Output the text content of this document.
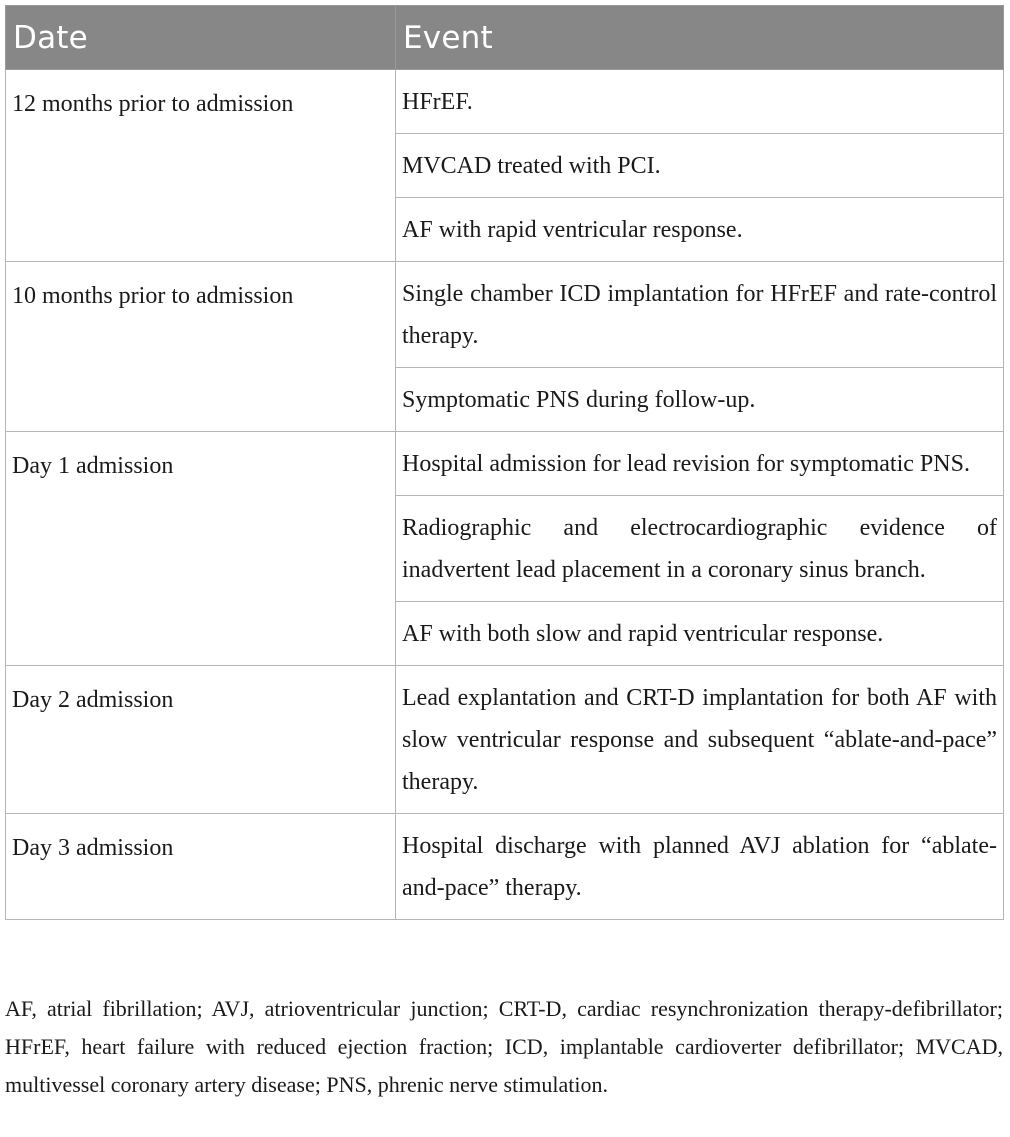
Date	Event
12 months prior to admission	HFrEF.
	MVCAD treated with PCI.
	AF with rapid ventricular response.
10 months prior to admission	Single chamber ICD implantation for HFrEF and rate-control therapy.
	Symptomatic PNS during follow-up.
Day 1 admission	Hospital admission for lead revision for symptomatic PNS.
	Radiographic and electrocardiographic evidence of inadvertent lead placement in a coronary sinus branch.
	AF with both slow and rapid ventricular response.
Day 2 admission	Lead explantation and CRT-D implantation for both AF with slow ventricular response and subsequent “ablate-and-pace” therapy.
Day 3 admission	Hospital discharge with planned AVJ ablation for “ablate-and-pace” therapy.

AF, atrial fibrillation; AVJ, atrioventricular junction; CRT-D, cardiac resynchronization therapy-defibrillator; HFrEF, heart failure with reduced ejection fraction; ICD, implantable cardioverter defibrillator; MVCAD, multivessel coronary artery disease; PNS, phrenic nerve stimulation.
